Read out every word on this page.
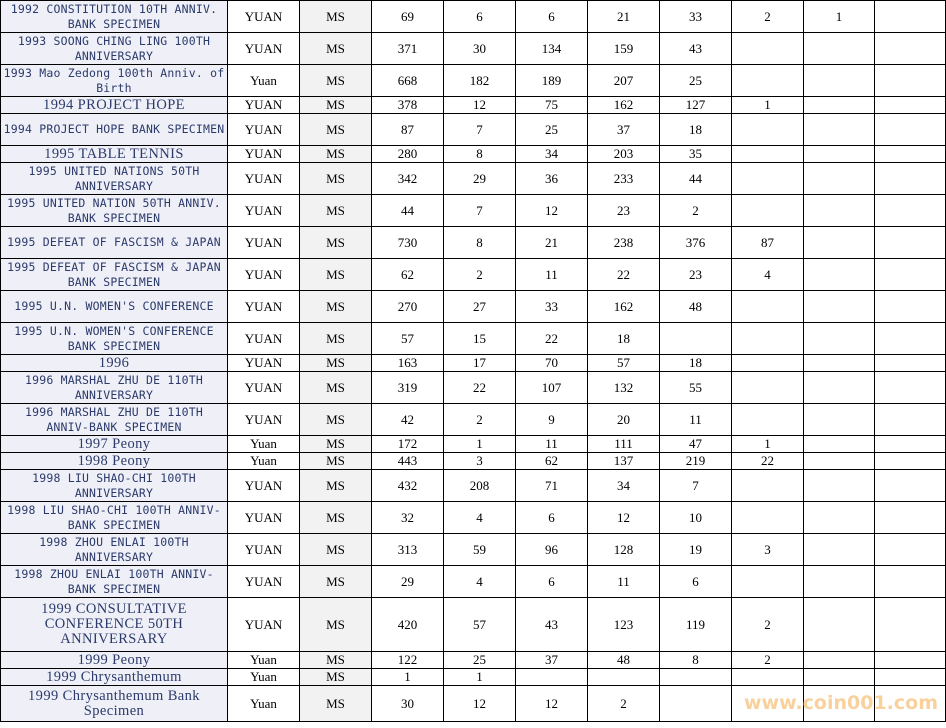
1992 CONSTITUTION 10TH ANNIV. BANK SPECIMEN	YUAN	MS	69	6	6	21	33	2	1	
1993 SOONG CHING LING 100TH ANNIVERSARY	YUAN	MS	371	30	134	159	43			
1993 Mao Zedong 100th Anniv. of Birth	Yuan	MS	668	182	189	207	25			
1994 PROJECT HOPE	YUAN	MS	378	12	75	162	127	1		
1994 PROJECT HOPE BANK SPECIMEN	YUAN	MS	87	7	25	37	18			
1995 TABLE TENNIS	YUAN	MS	280	8	34	203	35			
1995 UNITED NATIONS 50TH ANNIVERSARY	YUAN	MS	342	29	36	233	44			
1995 UNITED NATION 50TH ANNIV. BANK SPECIMEN	YUAN	MS	44	7	12	23	2			
1995 DEFEAT OF FASCISM & JAPAN	YUAN	MS	730	8	21	238	376	87		
1995 DEFEAT OF FASCISM & JAPAN BANK SPECIMEN	YUAN	MS	62	2	11	22	23	4		
1995 U.N. WOMEN'S CONFERENCE	YUAN	MS	270	27	33	162	48			
1995 U.N. WOMEN'S CONFERENCE BANK SPECIMEN	YUAN	MS	57	15	22	18				
1996	YUAN	MS	163	17	70	57	18			
1996 MARSHAL ZHU DE 110TH ANNIVERSARY	YUAN	MS	319	22	107	132	55			
1996 MARSHAL ZHU DE 110TH ANNIV-BANK SPECIMEN	YUAN	MS	42	2	9	20	11			
1997 Peony	Yuan	MS	172	1	11	111	47	1		
1998 Peony	Yuan	MS	443	3	62	137	219	22		
1998 LIU SHAO-CHI 100TH ANNIVERSARY	YUAN	MS	432	208	71	34	7			
1998 LIU SHAO-CHI 100TH ANNIV-BANK SPECIMEN	YUAN	MS	32	4	6	12	10			
1998 ZHOU ENLAI 100TH ANNIVERSARY	YUAN	MS	313	59	96	128	19	3		
1998 ZHOU ENLAI 100TH ANNIV-BANK SPECIMEN	YUAN	MS	29	4	6	11	6			
1999 CONSULTATIVE CONFERENCE 50TH ANNIVERSARY	YUAN	MS	420	57	43	123	119	2		
1999 Peony	Yuan	MS	122	25	37	48	8	2		
1999 Chrysanthemum	Yuan	MS	1	1						
1999 Chrysanthemum Bank Specimen	Yuan	MS	30	12	12	2					www.coin001.com
